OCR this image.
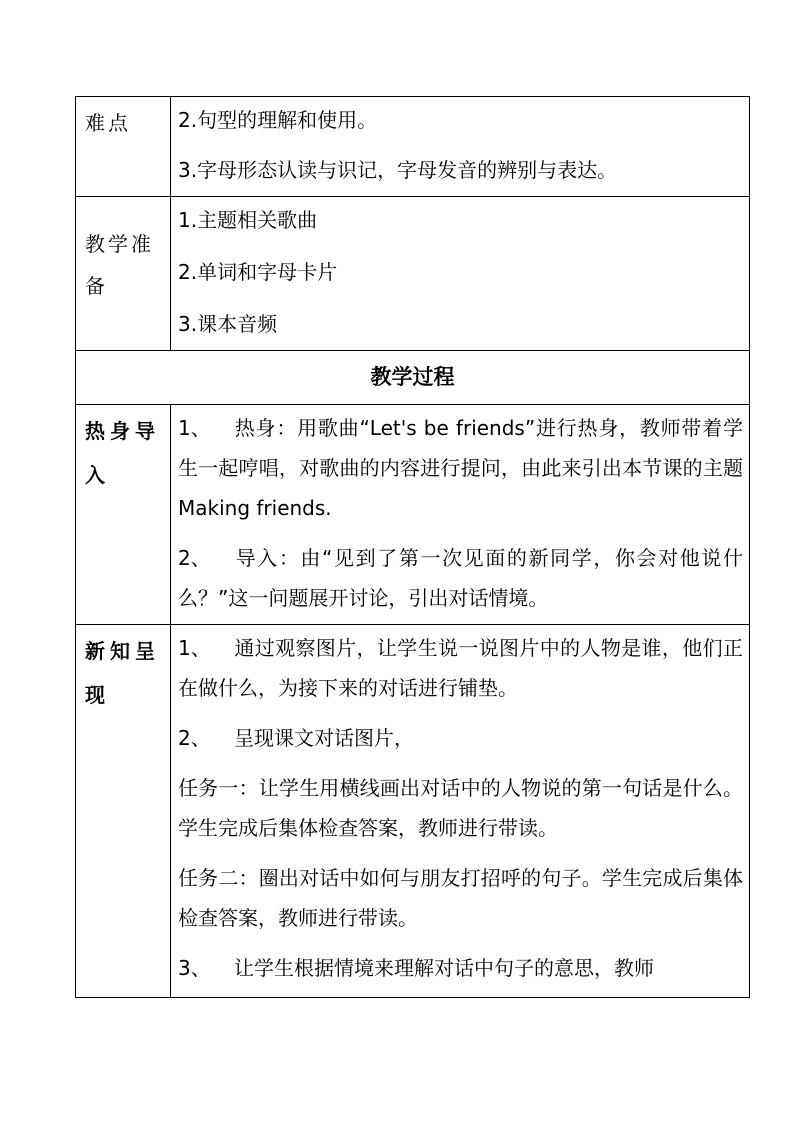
难点	2.句型的理解和使用。
3.字母形态认读与识记，字母发音的辨别与表达。

教学准备	1.主题相关歌曲
2.单词和字母卡片
3.课本音频

教学过程	

热身导入	1、 热身：用歌曲“Let's be friends”进行热身，教师带着学生一起哼唱，对歌曲的内容进行提问，由此来引出本节课的主题 Making friends.
2、 导入：由“见到了第一次见面的新同学，你会对他说什么？”这一问题展开讨论，引出对话情境。

新知呈现	1、 通过观察图片，让学生说一说图片中的人物是谁，他们正在做什么，为接下来的对话进行铺垫。
2、 呈现课文对话图片，
任务一：让学生用横线画出对话中的人物说的第一句话是什么。学生完成后集体检查答案，教师进行带读。
任务二：圈出对话中如何与朋友打招呼的句子。学生完成后集体检查答案，教师进行带读。
3、 让学生根据情境来理解对话中句子的意思，教师
